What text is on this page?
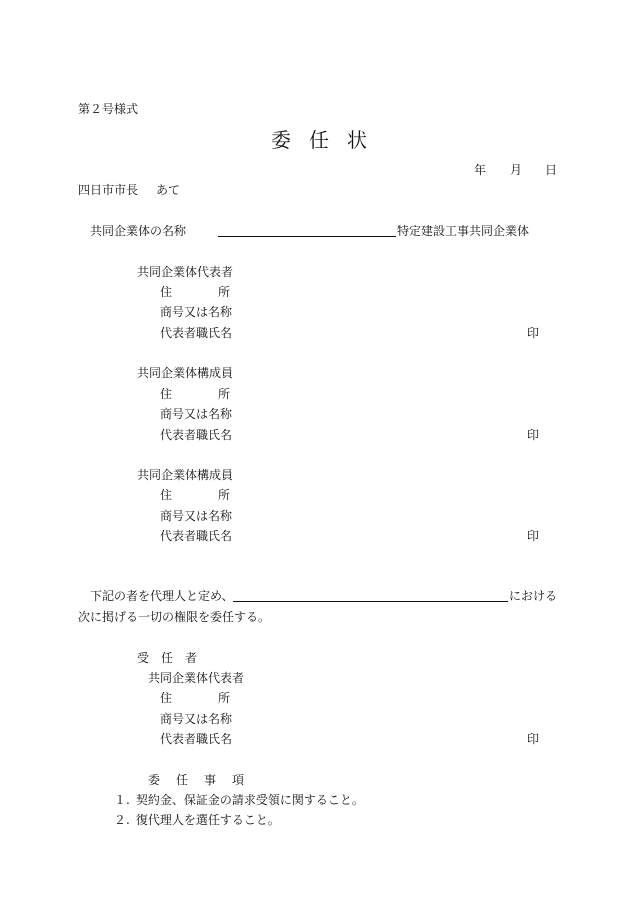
第２号様式
委 任 状
年 月 日
四日市市長 あて
共同企業体の名称	特定建設工事共同企業体
共同企業体代表者
住	所
商号又は名称
代表者職氏名	印
共同企業体構成員
住	所
商号又は名称
代表者職氏名	印
共同企業体構成員
住	所
商号又は名称
代表者職氏名	印
下記の者を代理人と定め、	における
次に掲げる一切の権限を委任する。
受 任 者
共同企業体代表者
住	所
商号又は名称
代表者職氏名	印
委 任 事 項
１. 契約金、保証金の請求受領に関すること。
２. 復代理人を選任すること。
